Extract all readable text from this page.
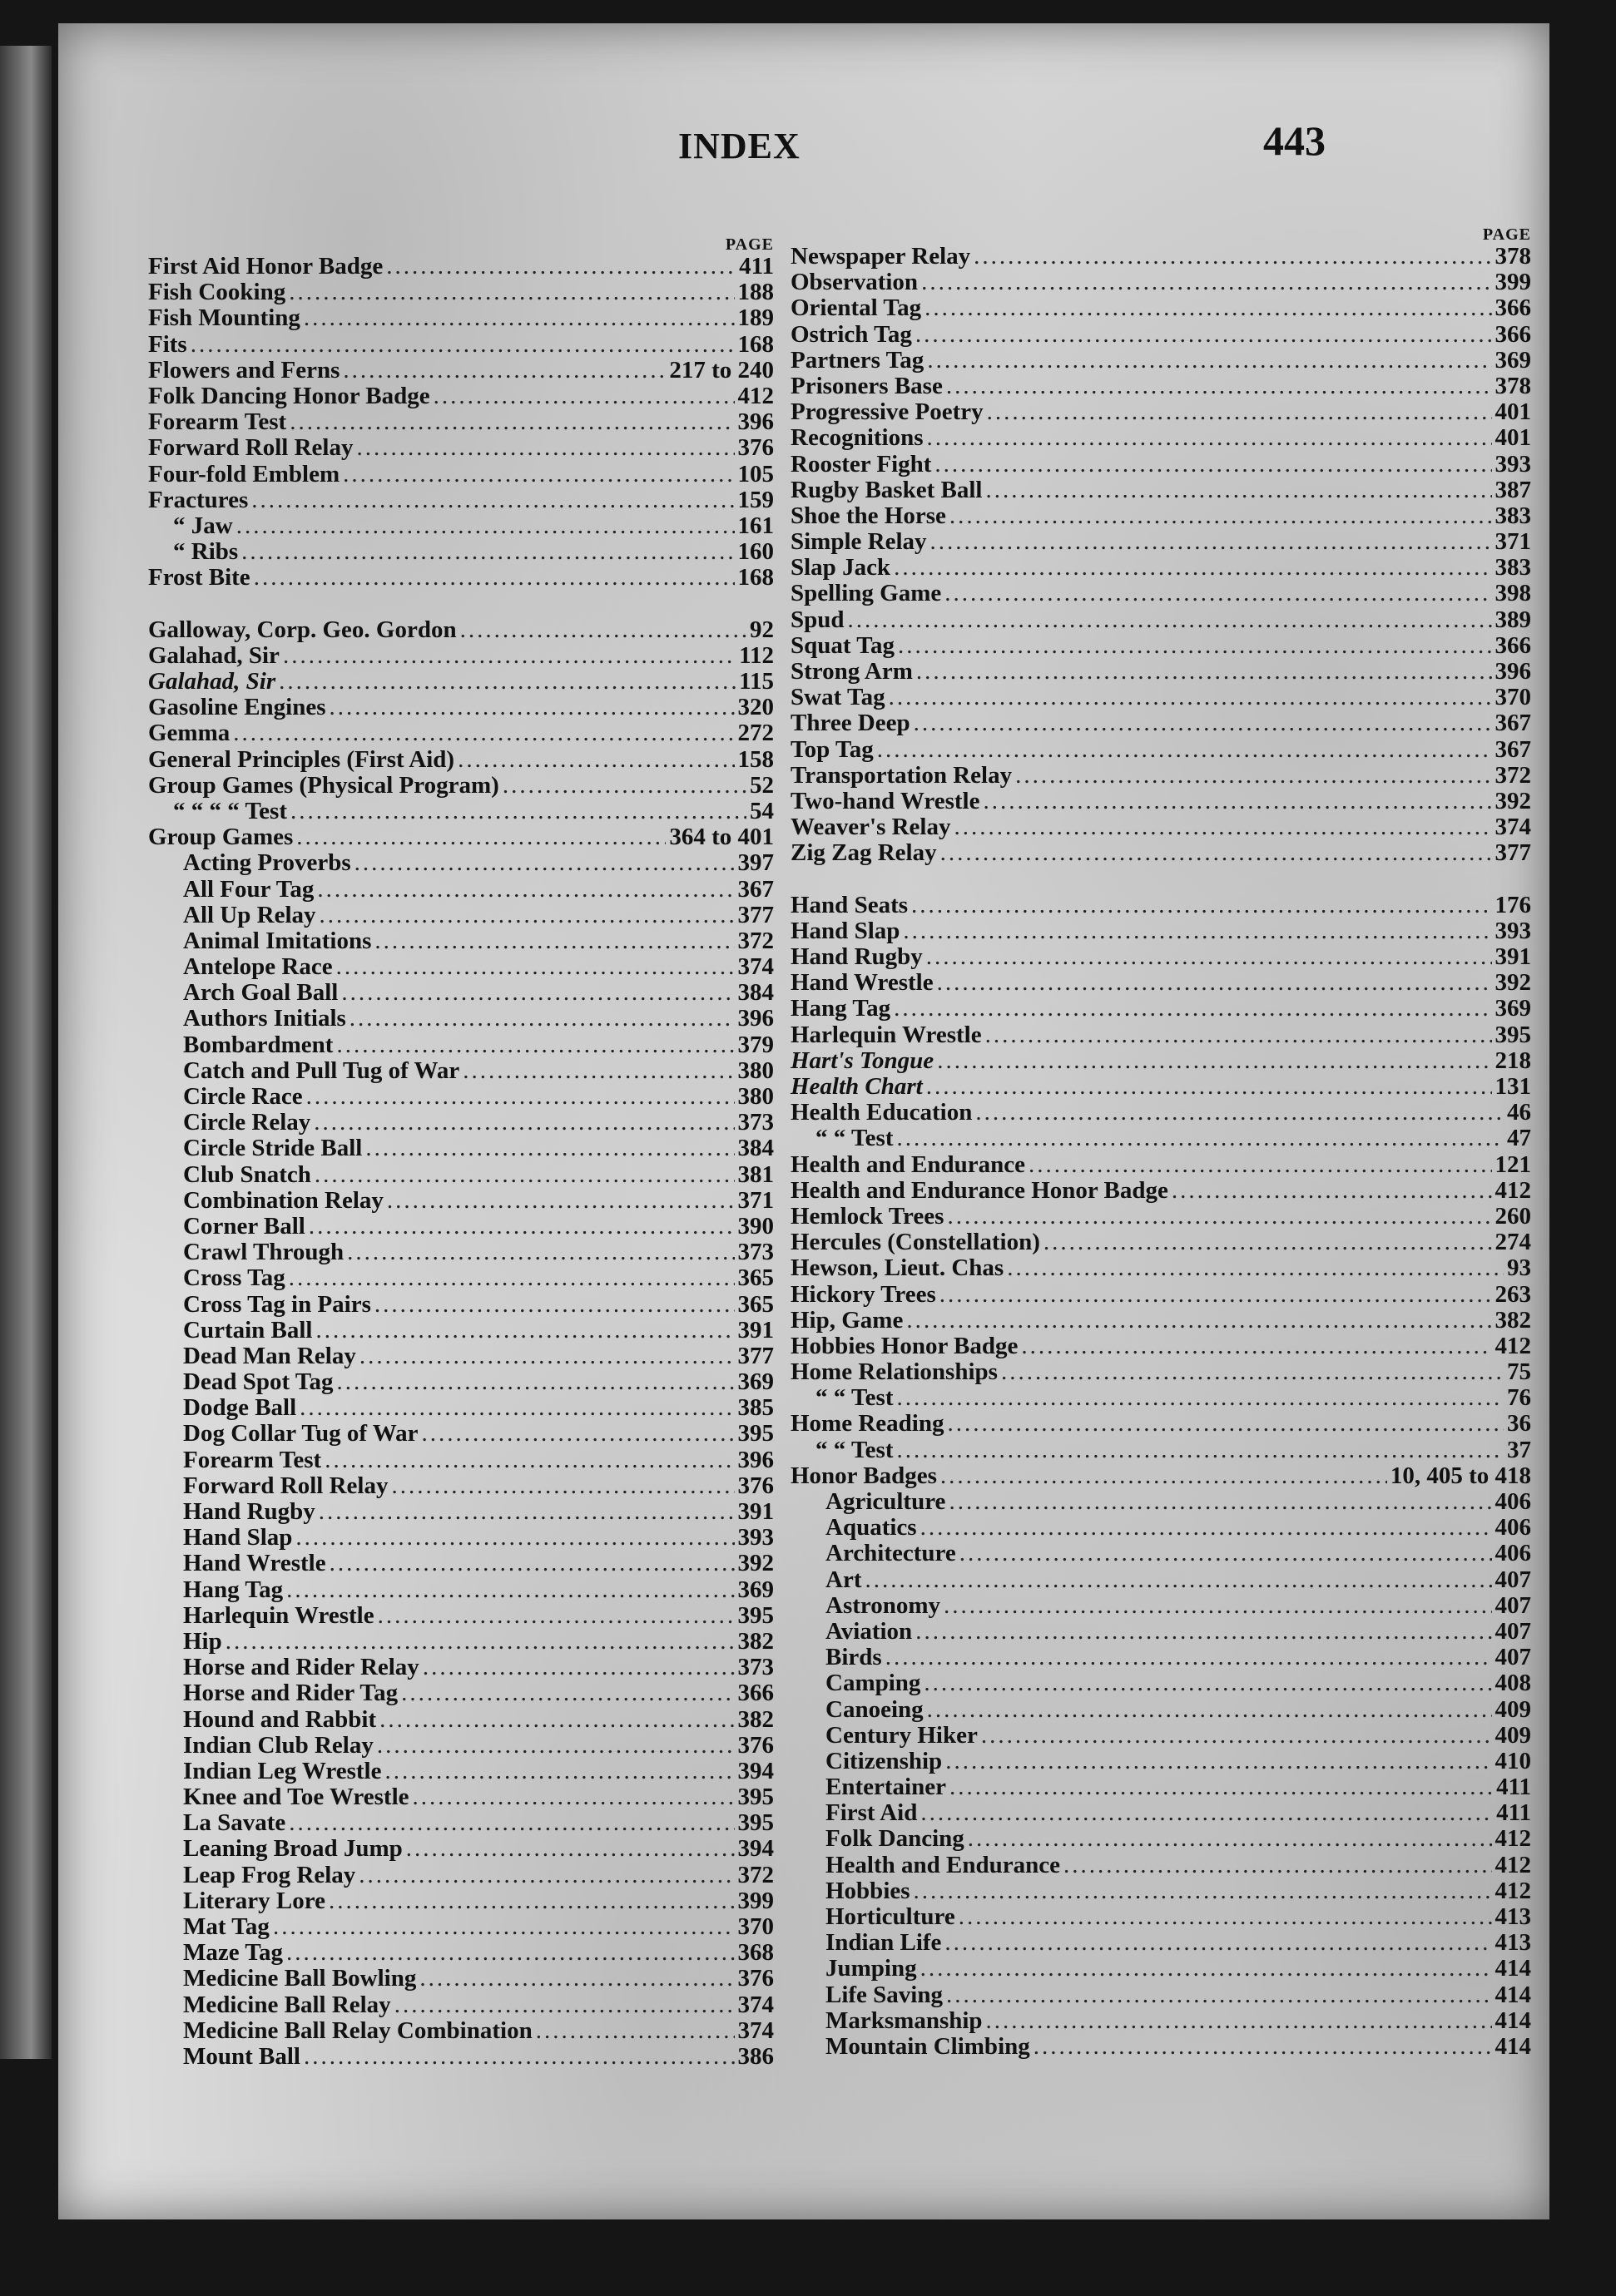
INDEX	443
PAGE
First Aid Honor Badge .....	411
Fish Cooking .....	188
Fish Mounting .....	189
Fits .....	168
Flowers and Ferns .....	217 to 240
Folk Dancing Honor Badge .....	412
Forearm Test .....	396
Forward Roll Relay .....	376
Four-fold Emblem .....	105
Fractures .....	159
“ Jaw .....	161
“ Ribs .....	160
Frost Bite .....	168
Galloway, Corp. Geo. Gordon .....	92
Galahad, Sir .....	112
Galahad, Sir .....	115
Gasoline Engines .....	320
Gemma .....	272
General Principles (First Aid) .....	158
Group Games (Physical Program) .....	52
“ “ “ “ Test .....	54
Group Games .....	364 to 401
Acting Proverbs .....	397
All Four Tag .....	367
All Up Relay .....	377
Animal Imitations .....	372
Antelope Race .....	374
Arch Goal Ball .....	384
Authors Initials .....	396
Bombardment .....	379
Catch and Pull Tug of War .....	380
Circle Race .....	380
Circle Relay .....	373
Circle Stride Ball .....	384
Club Snatch .....	381
Combination Relay .....	371
Corner Ball .....	390
Crawl Through .....	373
Cross Tag .....	365
Cross Tag in Pairs .....	365
Curtain Ball .....	391
Dead Man Relay .....	377
Dead Spot Tag .....	369
Dodge Ball .....	385
Dog Collar Tug of War .....	395
Forearm Test .....	396
Forward Roll Relay .....	376
Hand Rugby .....	391
Hand Slap .....	393
Hand Wrestle .....	392
Hang Tag .....	369
Harlequin Wrestle .....	395
Hip .....	382
Horse and Rider Relay .....	373
Horse and Rider Tag .....	366
Hound and Rabbit .....	382
Indian Club Relay .....	376
Indian Leg Wrestle .....	394
Knee and Toe Wrestle .....	395
La Savate .....	395
Leaning Broad Jump .....	394
Leap Frog Relay .....	372
Literary Lore .....	399
Mat Tag .....	370
Maze Tag .....	368
Medicine Ball Bowling .....	376
Medicine Ball Relay .....	374
Medicine Ball Relay Combination .....	374
Mount Ball .....	386
PAGE
Newspaper Relay .....	378
Observation .....	399
Oriental Tag .....	366
Ostrich Tag .....	366
Partners Tag .....	369
Prisoners Base .....	378
Progressive Poetry .....	401
Recognitions .....	401
Rooster Fight .....	393
Rugby Basket Ball .....	387
Shoe the Horse .....	383
Simple Relay .....	371
Slap Jack .....	383
Spelling Game .....	398
Spud .....	389
Squat Tag .....	366
Strong Arm .....	396
Swat Tag .....	370
Three Deep .....	367
Top Tag .....	367
Transportation Relay .....	372
Two-hand Wrestle .....	392
Weaver's Relay .....	374
Zig Zag Relay .....	377
Hand Seats .....	176
Hand Slap .....	393
Hand Rugby .....	391
Hand Wrestle .....	392
Hang Tag .....	369
Harlequin Wrestle .....	395
Hart's Tongue .....	218
Health Chart .....	131
Health Education .....	46
“ “ Test .....	47
Health and Endurance .....	121
Health and Endurance Honor Badge .....	412
Hemlock Trees .....	260
Hercules (Constellation) .....	274
Hewson, Lieut. Chas .....	93
Hickory Trees .....	263
Hip, Game .....	382
Hobbies Honor Badge .....	412
Home Relationships .....	75
“ “ Test .....	76
Home Reading .....	36
“ “ Test .....	37
Honor Badges .....	10, 405 to 418
Agriculture .....	406
Aquatics .....	406
Architecture .....	406
Art .....	407
Astronomy .....	407
Aviation .....	407
Birds .....	407
Camping .....	408
Canoeing .....	409
Century Hiker .....	409
Citizenship .....	410
Entertainer .....	411
First Aid .....	411
Folk Dancing .....	412
Health and Endurance .....	412
Hobbies .....	412
Horticulture .....	413
Indian Life .....	413
Jumping .....	414
Life Saving .....	414
Marksmanship .....	414
Mountain Climbing .....	414
